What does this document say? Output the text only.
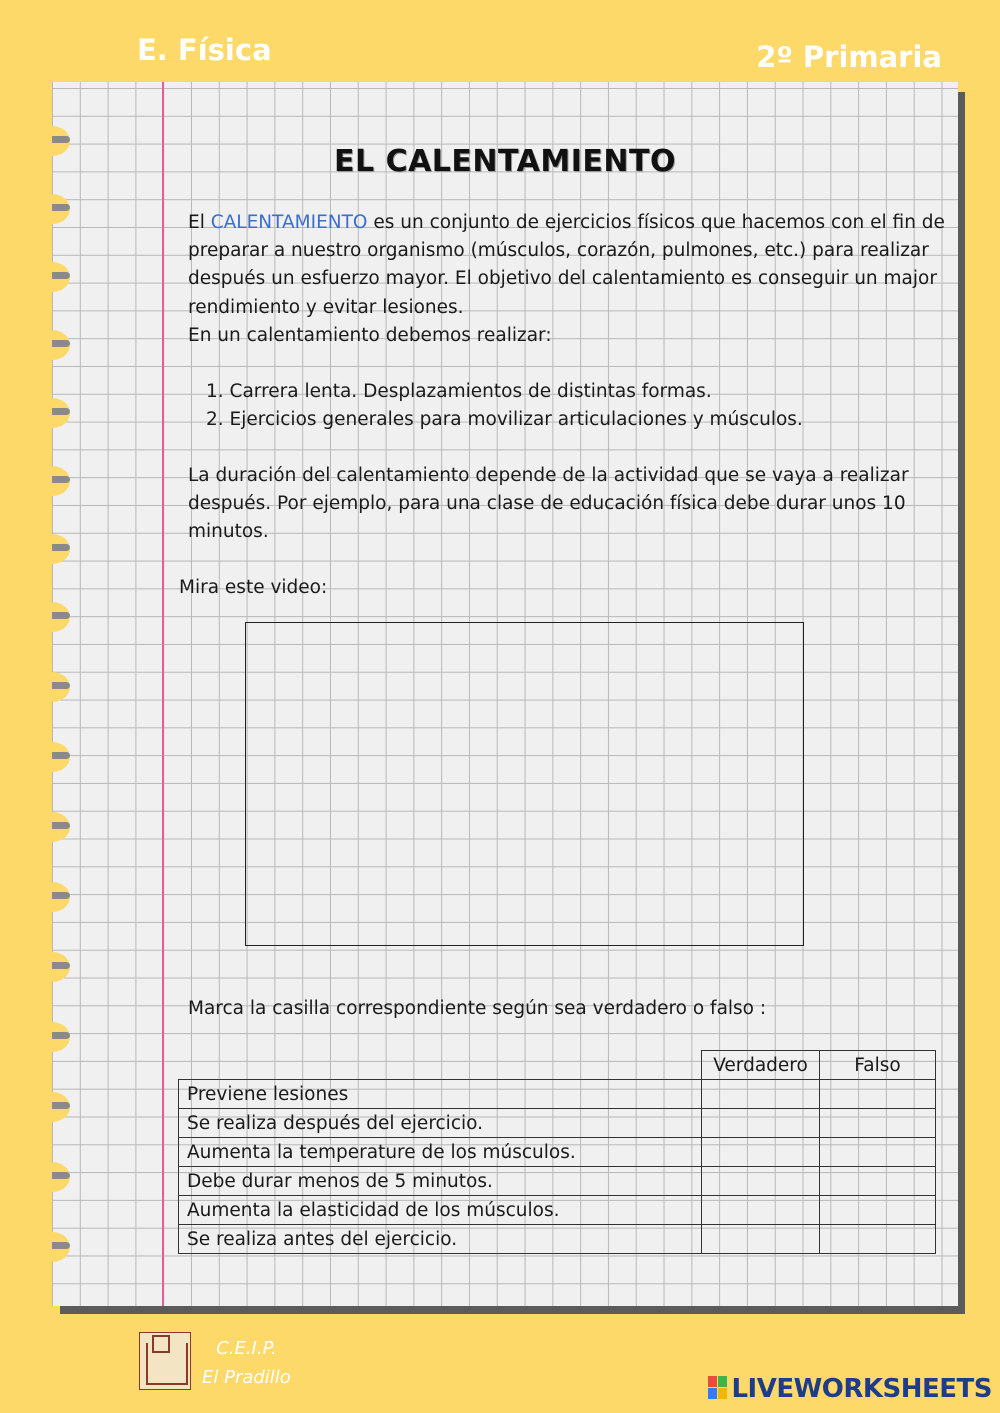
E. Física	2º Primaria
EL CALENTAMIENTO
El CALENTAMIENTO es un conjunto de ejercicios físicos que hacemos con el fin de preparar a nuestro organismo (músculos, corazón, pulmones, etc.) para realizar después un esfuerzo mayor. El objetivo del calentamiento es conseguir un major rendimiento y evitar lesiones.
En un calentamiento debemos realizar:
1. Carrera lenta. Desplazamientos de distintas formas.
2. Ejercicios generales para movilizar articulaciones y músculos.
La duración del calentamiento depende de la actividad que se vaya a realizar después. Por ejemplo, para una clase de educación física debe durar unos 10 minutos.
Mira este video:
Marca la casilla correspondiente según sea verdadero o falso :
	Verdadero	Falso
Previene lesiones		
Se realiza después del ejercicio.		
Aumenta la temperature de los músculos.		
Debe durar menos de 5 minutos.		
Aumenta la elasticidad de los músculos.		
Se realiza antes del ejercicio.		
C.E.I.P.
El Pradillo	LIVEWORKSHEETS
